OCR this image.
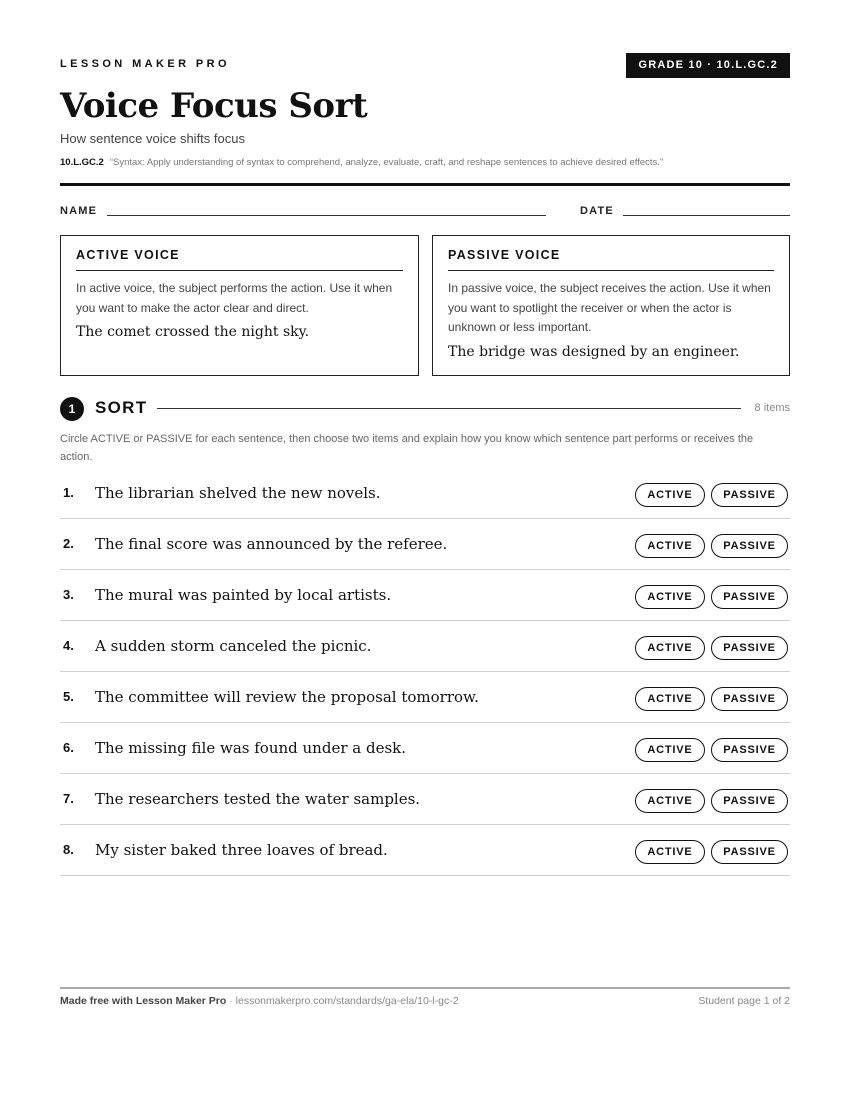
LESSON MAKER PRO	GRADE 10 · 10.L.GC.2
Voice Focus Sort
How sentence voice shifts focus
10.L.GC.2 “Syntax: Apply understanding of syntax to comprehend, analyze, evaluate, craft, and reshape sentences to achieve desired effects.”
NAME	DATE
ACTIVE VOICE
In active voice, the subject performs the action. Use it when you want to make the actor clear and direct.
The comet crossed the night sky.
PASSIVE VOICE
In passive voice, the subject receives the action. Use it when you want to spotlight the receiver or when the actor is unknown or less important.
The bridge was designed by an engineer.
1	SORT	8 items
Circle ACTIVE or PASSIVE for each sentence, then choose two items and explain how you know which sentence part performs or receives the action.
1. The librarian shelved the new novels.	ACTIVE	PASSIVE
2. The final score was announced by the referee.	ACTIVE	PASSIVE
3. The mural was painted by local artists.	ACTIVE	PASSIVE
4. A sudden storm canceled the picnic.	ACTIVE	PASSIVE
5. The committee will review the proposal tomorrow.	ACTIVE	PASSIVE
6. The missing file was found under a desk.	ACTIVE	PASSIVE
7. The researchers tested the water samples.	ACTIVE	PASSIVE
8. My sister baked three loaves of bread.	ACTIVE	PASSIVE
Made free with Lesson Maker Pro · lessonmakerpro.com/standards/ga-ela/10-l-gc-2	Student page 1 of 2
